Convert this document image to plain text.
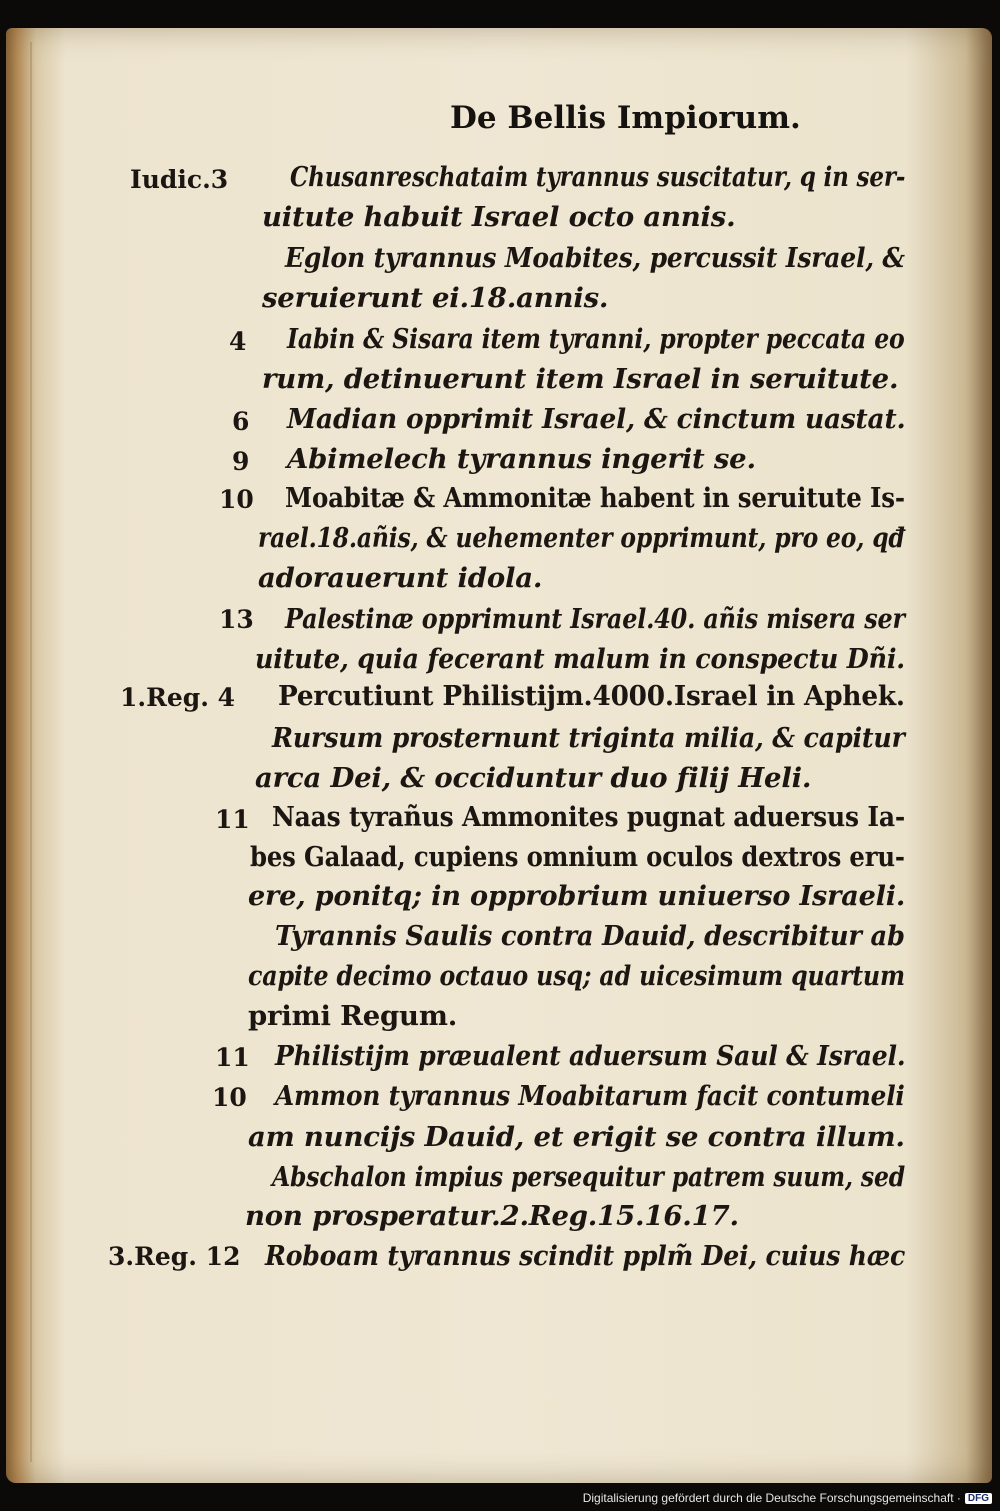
De Bellis Impiorum.
Iudic.3
4
6
9
10
13
1.Reg. 4
11
11
10
3.Reg. 12
Chusanreschataim tyrannus suscitatur, q in ser-
uitute habuit Israel octo annis.
Eglon tyrannus Moabites, percussit Israel, &
seruierunt ei.18.annis.
Iabin & Sisara item tyranni, propter peccata eo
rum, detinuerunt item Israel in seruitute.
Madian opprimit Israel, & cinctum uastat.
Abimelech tyrannus ingerit se.
Moabitæ & Ammonitæ habent in seruitute Is-
rael.18.añis, & uehementer opprimunt, pro eo, qđ
adorauerunt idola.
Palestinæ opprimunt Israel.40. añis misera ser
uitute, quia fecerant malum in conspectu Dñi.
Percutiunt Philistijm.4000.Israel in Aphek.
Rursum prosternunt triginta milia, & capitur
arca Dei, & occiduntur duo filij Heli.
Naas tyrañus Ammonites pugnat aduersus Ia-
bes Galaad, cupiens omnium oculos dextros eru-
ere, ponitq; in opprobrium uniuerso Israeli.
Tyrannis Saulis contra Dauid, describitur ab
capite decimo octauo usq; ad uicesimum quartum
primi Regum.
Philistijm præualent aduersum Saul & Israel.
Ammon tyrannus Moabitarum facit contumeli
am nuncijs Dauid, et erigit se contra illum.
Abschalon impius persequitur patrem suum, sed
non prosperatur.2.Reg.15.16.17.
Roboam tyrannus scindit pplm̃ Dei, cuius hæc
Digitalisierung gefördert durch die Deutsche Forschungsgemeinschaft · DFG
